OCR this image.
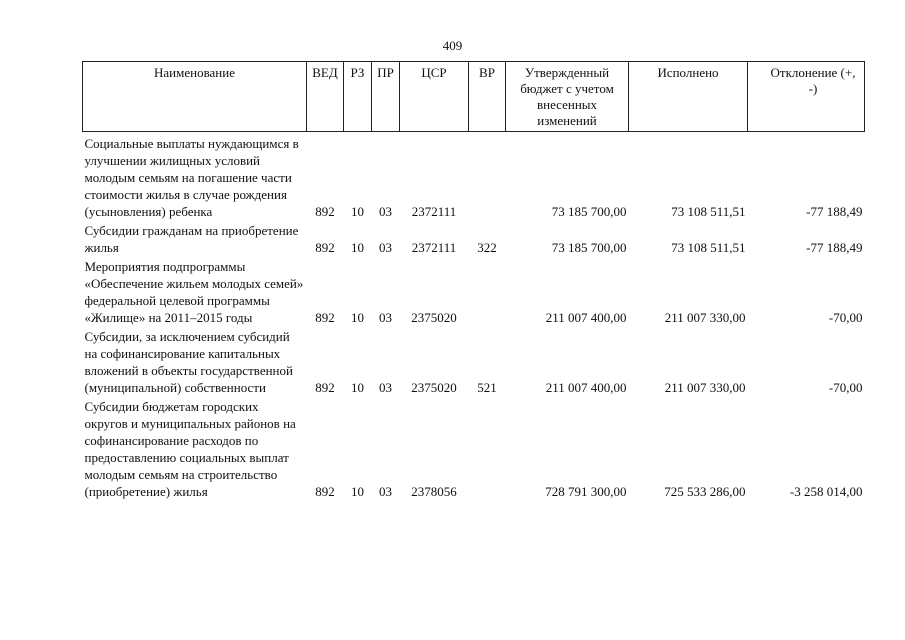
409
Наименование	ВЕД	РЗ	ПР	ЦСР	ВР	Утвержденный бюджет с учетом внесенных изменений	Исполнено	Отклонение (+, -)
Социальные выплаты нуждающимся в улучшении жилищных условий молодым семьям на погашение части стоимости жилья в случае рождения (усыновления) ребенка	892	10	03	2372111		73 185 700,00	73 108 511,51	-77 188,49
Субсидии гражданам на приобретение жилья	892	10	03	2372111	322	73 185 700,00	73 108 511,51	-77 188,49
Мероприятия подпрограммы «Обеспечение жильем молодых семей» федеральной целевой программы «Жилище» на 2011–2015 годы	892	10	03	2375020		211 007 400,00	211 007 330,00	-70,00
Субсидии, за исключением субсидий на софинансирование капитальных вложений в объекты государственной (муниципальной) собственности	892	10	03	2375020	521	211 007 400,00	211 007 330,00	-70,00
Субсидии бюджетам городских округов и муниципальных районов на софинансирование расходов по предоставлению социальных выплат молодым семьям на строительство (приобретение) жилья	892	10	03	2378056		728 791 300,00	725 533 286,00	-3 258 014,00
